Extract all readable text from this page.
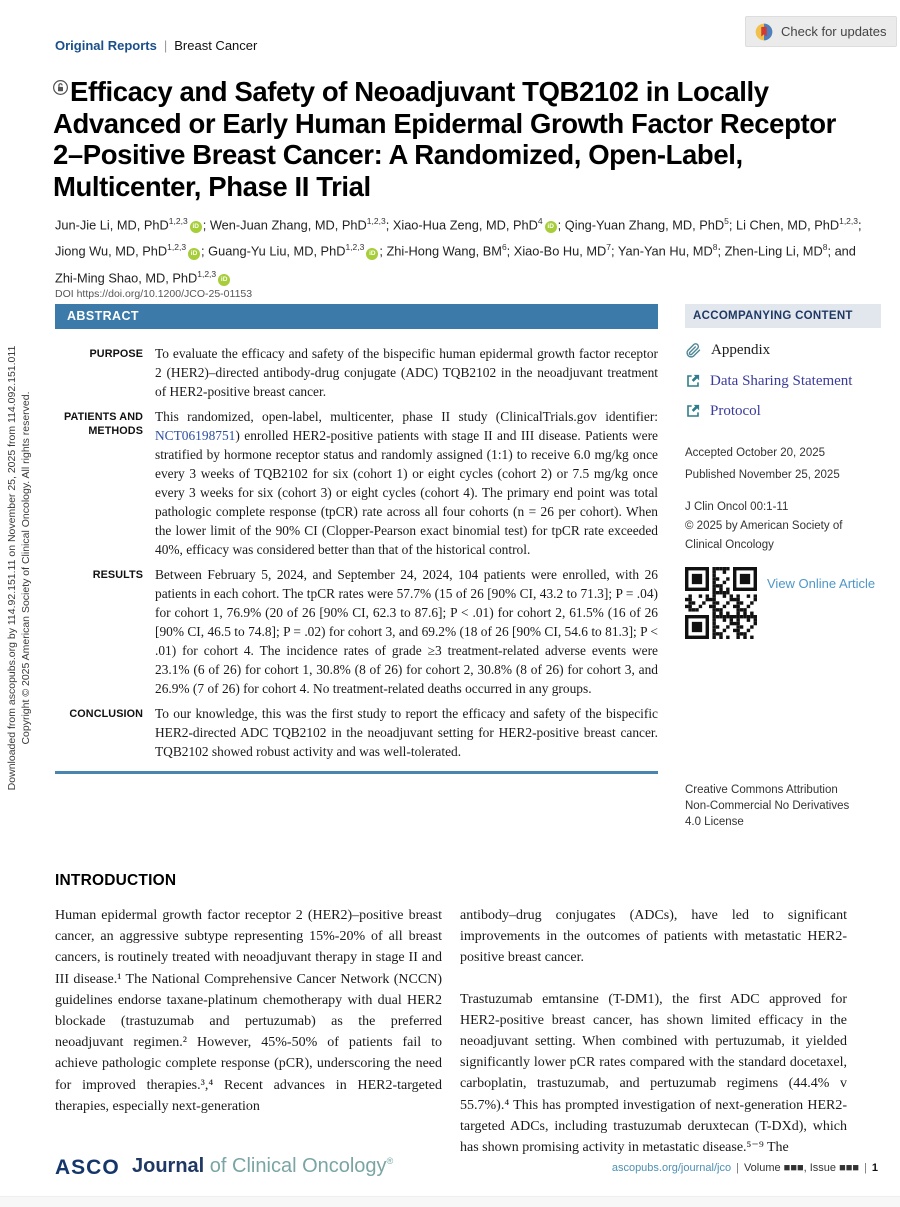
Downloaded from ascopubs.org by 114.92.151.11 on November 25, 2025 from 114.092.151.011 Copyright © 2025 American Society of Clinical Oncology. All rights reserved.
Original Reports | Breast Cancer
Check for updates
Efficacy and Safety of Neoadjuvant TQB2102 in Locally Advanced or Early Human Epidermal Growth Factor Receptor 2–Positive Breast Cancer: A Randomized, Open-Label, Multicenter, Phase II Trial
Jun-Jie Li, MD, PhD$^{1,2,3}$iD ; Wen-Juan Zhang, MD, PhD$^{1,2,3}$; Xiao-Hua Zeng, MD, PhD$^4$iD ; Qing-Yuan Zhang, MD, PhD$^5$; Li Chen, MD, PhD$^{1,2,3}$; Jiong Wu, MD, PhD$^{1,2,3}$iD ; Guang-Yu Liu, MD, PhD$^{1,2,3}$iD ; Zhi-Hong Wang, BM$^6$; Xiao-Bo Hu, MD$^7$; Yan-Yan Hu, MD$^8$; Zhen-Ling Li, MD$^8$; and Zhi-Ming Shao, MD, PhD$^{1,2,3}$iD
DOI https://doi.org/10.1200/JCO-25-01153
ABSTRACT
PURPOSE To evaluate the efficacy and safety of the bispecific human epidermal growth factor receptor 2 (HER2)–directed antibody-drug conjugate (ADC) TQB2102 in the neoadjuvant treatment of HER2-positive breast cancer.
PATIENTS AND METHODS
This randomized, open-label, multicenter, phase II study (ClinicalTrials.gov identifier: NCT06198751) enrolled HER2-positive patients with stage II and III disease. Patients were stratified by hormone receptor status and randomly assigned (1:1) to receive 6.0 mg/kg once every 3 weeks of TQB2102 for six (cohort 1) or eight cycles (cohort 2) or 7.5 mg/kg once every 3 weeks for six (cohort 3) or eight cycles (cohort 4). The primary end point was total pathologic complete response (tpCR) rate across all four cohorts (n = 26 per cohort). When the lower limit of the 90% CI (Clopper-Pearson exact binomial test) for tpCR rate exceeded 40%, efficacy was considered better than that of the historical control.
RESULTS Between February 5, 2024, and September 24, 2024, 104 patients were enrolled, with 26 patients in each cohort. The tpCR rates were 57.7% (15 of 26 [90% CI, 43.2 to 71.3]; P = .04) for cohort 1, 76.9% (20 of 26 [90% CI, 62.3 to 87.6]; P < .01) for cohort 2, 61.5% (16 of 26 [90% CI, 46.5 to 74.8]; P = .02) for cohort 3, and 69.2% (18 of 26 [90% CI, 54.6 to 81.3]; P < .01) for cohort 4. The incidence rates of grade ≥3 treatment-related adverse events were 23.1% (6 of 26) for cohort 1, 30.8% (8 of 26) for cohort 2, 30.8% (8 of 26) for cohort 3, and 26.9% (7 of 26) for cohort 4. No treatment-related deaths occurred in any groups.
CONCLUSION To our knowledge, this was the first study to report the efficacy and safety of the bispecific HER2-directed ADC TQB2102 in the neoadjuvant setting for HER2-positive breast cancer. TQB2102 showed robust activity and was well-tolerated.
ACCOMPANYING CONTENT
Appendix
Data Sharing Statement
Protocol
Accepted October 20, 2025
Published November 25, 2025
J Clin Oncol 00:1-11
© 2025 by American Society of Clinical Oncology
View Online Article
Creative Commons Attribution Non-Commercial No Derivatives 4.0 License
INTRODUCTION

Human epidermal growth factor receptor 2 (HER2)–positive breast cancer, an aggressive subtype representing 15%-20% of all breast cancers, is routinely treated with neoadjuvant therapy in stage II and III disease.¹ The National Comprehensive Cancer Network (NCCN) guidelines endorse taxane-platinum chemotherapy with dual HER2 blockade (trastuzumab and pertuzumab) as the preferred neoadjuvant regimen.² However, 45%-50% of patients fail to achieve pathologic complete response (pCR), underscoring the need for improved therapies.³,⁴ Recent advances in HER2-targeted therapies, especially next-generation

antibody–drug conjugates (ADCs), have led to significant improvements in the outcomes of patients with metastatic HER2-positive breast cancer.

Trastuzumab emtansine (T-DM1), the first ADC approved for HER2-positive breast cancer, has shown limited efficacy in the neoadjuvant setting. When combined with pertuzumab, it yielded significantly lower pCR rates compared with the standard docetaxel, carboplatin, trastuzumab, and pertuzumab regimens (44.4% v 55.7%).⁴ This has prompted investigation of next-generation HER2-targeted ADCs, including trastuzumab deruxtecan (T-DXd), which has shown promising activity in metastatic disease.⁵⁻⁹ The

ASCO Journal of Clinical Oncology®
ascopubs.org/journal/jco | Volume ■■■, Issue ■■■ | 1
